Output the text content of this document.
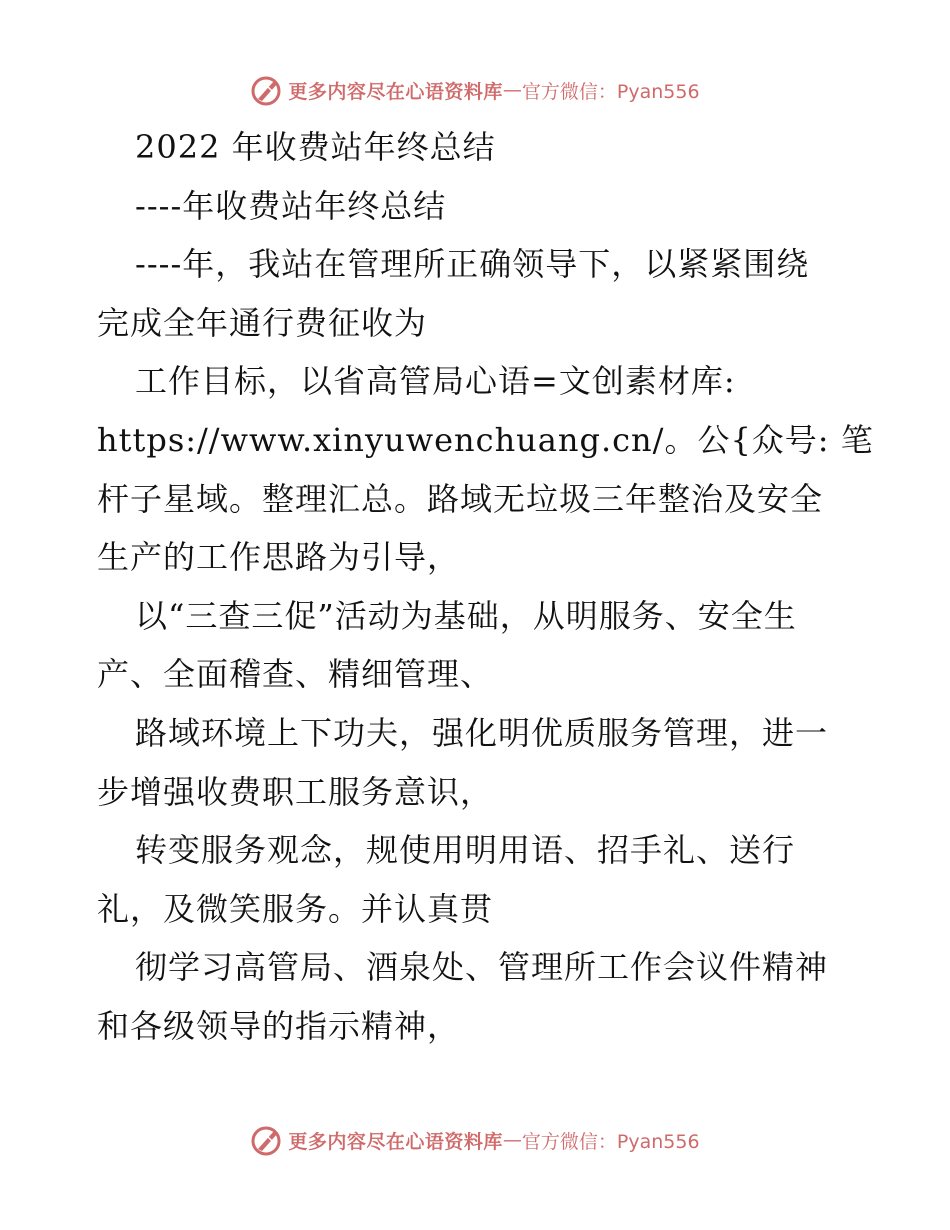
更多内容尽在心语资料库 — 官方微信：Pyan556
2022 年收费站年终总结
----年收费站年终总结
----年，我站在管理所正确领导下，以紧紧围绕
完成全年通行费征收为
工作目标，以省高管局心语=文创素材库:
https://www.xinyuwenchuang.cn/。公{众号: 笔
杆子星域。整理汇总。路域无垃圾三年整治及安全
生产的工作思路为引导，
以“三查三促”活动为基础，从明服务、安全生
产、全面稽查、精细管理、
路域环境上下功夫，强化明优质服务管理，进一
步增强收费职工服务意识，
转变服务观念，规使用明用语、招手礼、送行
礼，及微笑服务。并认真贯
彻学习高管局、酒泉处、管理所工作会议件精神
和各级领导的指示精神，
更多内容尽在心语资料库 — 官方微信：Pyan556
